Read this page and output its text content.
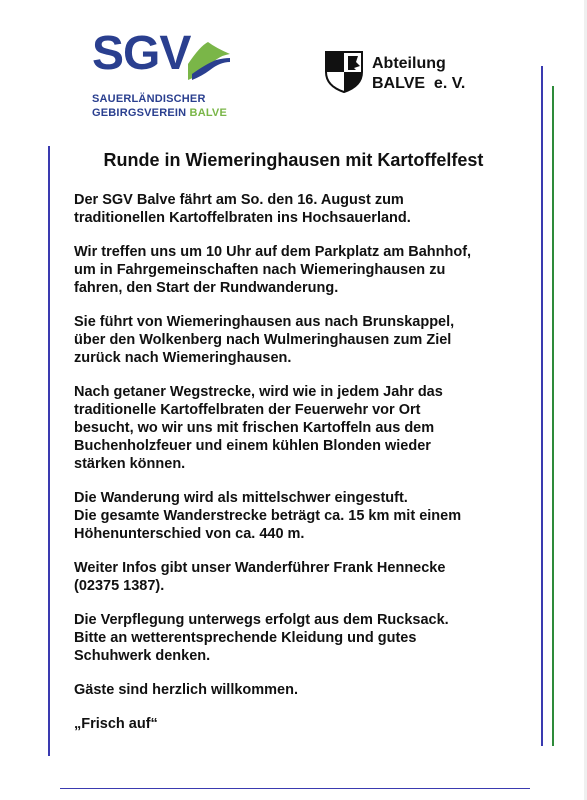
SGV
SAUERLÄNDISCHER
GEBIRGSVEREIN BALVE
Abteilung
BALVE  e. V.
Runde in Wiemeringhausen mit Kartoffelfest

Der SGV Balve fährt am So. den 16. August zum
traditionellen Kartoffelbraten ins Hochsauerland.

Wir treffen uns um 10 Uhr auf dem Parkplatz am Bahnhof,
um in Fahrgemeinschaften nach Wiemeringhausen zu
fahren, den Start der Rundwanderung.

Sie führt von Wiemeringhausen aus nach Brunskappel,
über den Wolkenberg nach Wulmeringhausen zum Ziel
zurück nach Wiemeringhausen.

Nach getaner Wegstrecke, wird wie in jedem Jahr das
traditionelle Kartoffelbraten der Feuerwehr vor Ort
besucht, wo wir uns mit frischen Kartoffeln aus dem
Buchenholzfeuer und einem kühlen Blonden wieder
stärken können.

Die Wanderung wird als mittelschwer eingestuft.
Die gesamte Wanderstrecke beträgt ca. 15 km mit einem
Höhenunterschied von ca. 440 m.

Weiter Infos gibt unser Wanderführer Frank Hennecke
(02375 1387).

Die Verpflegung unterwegs erfolgt aus dem Rucksack.
Bitte an wetterentsprechende Kleidung und gutes
Schuhwerk denken.

Gäste sind herzlich willkommen.

„Frisch auf“
